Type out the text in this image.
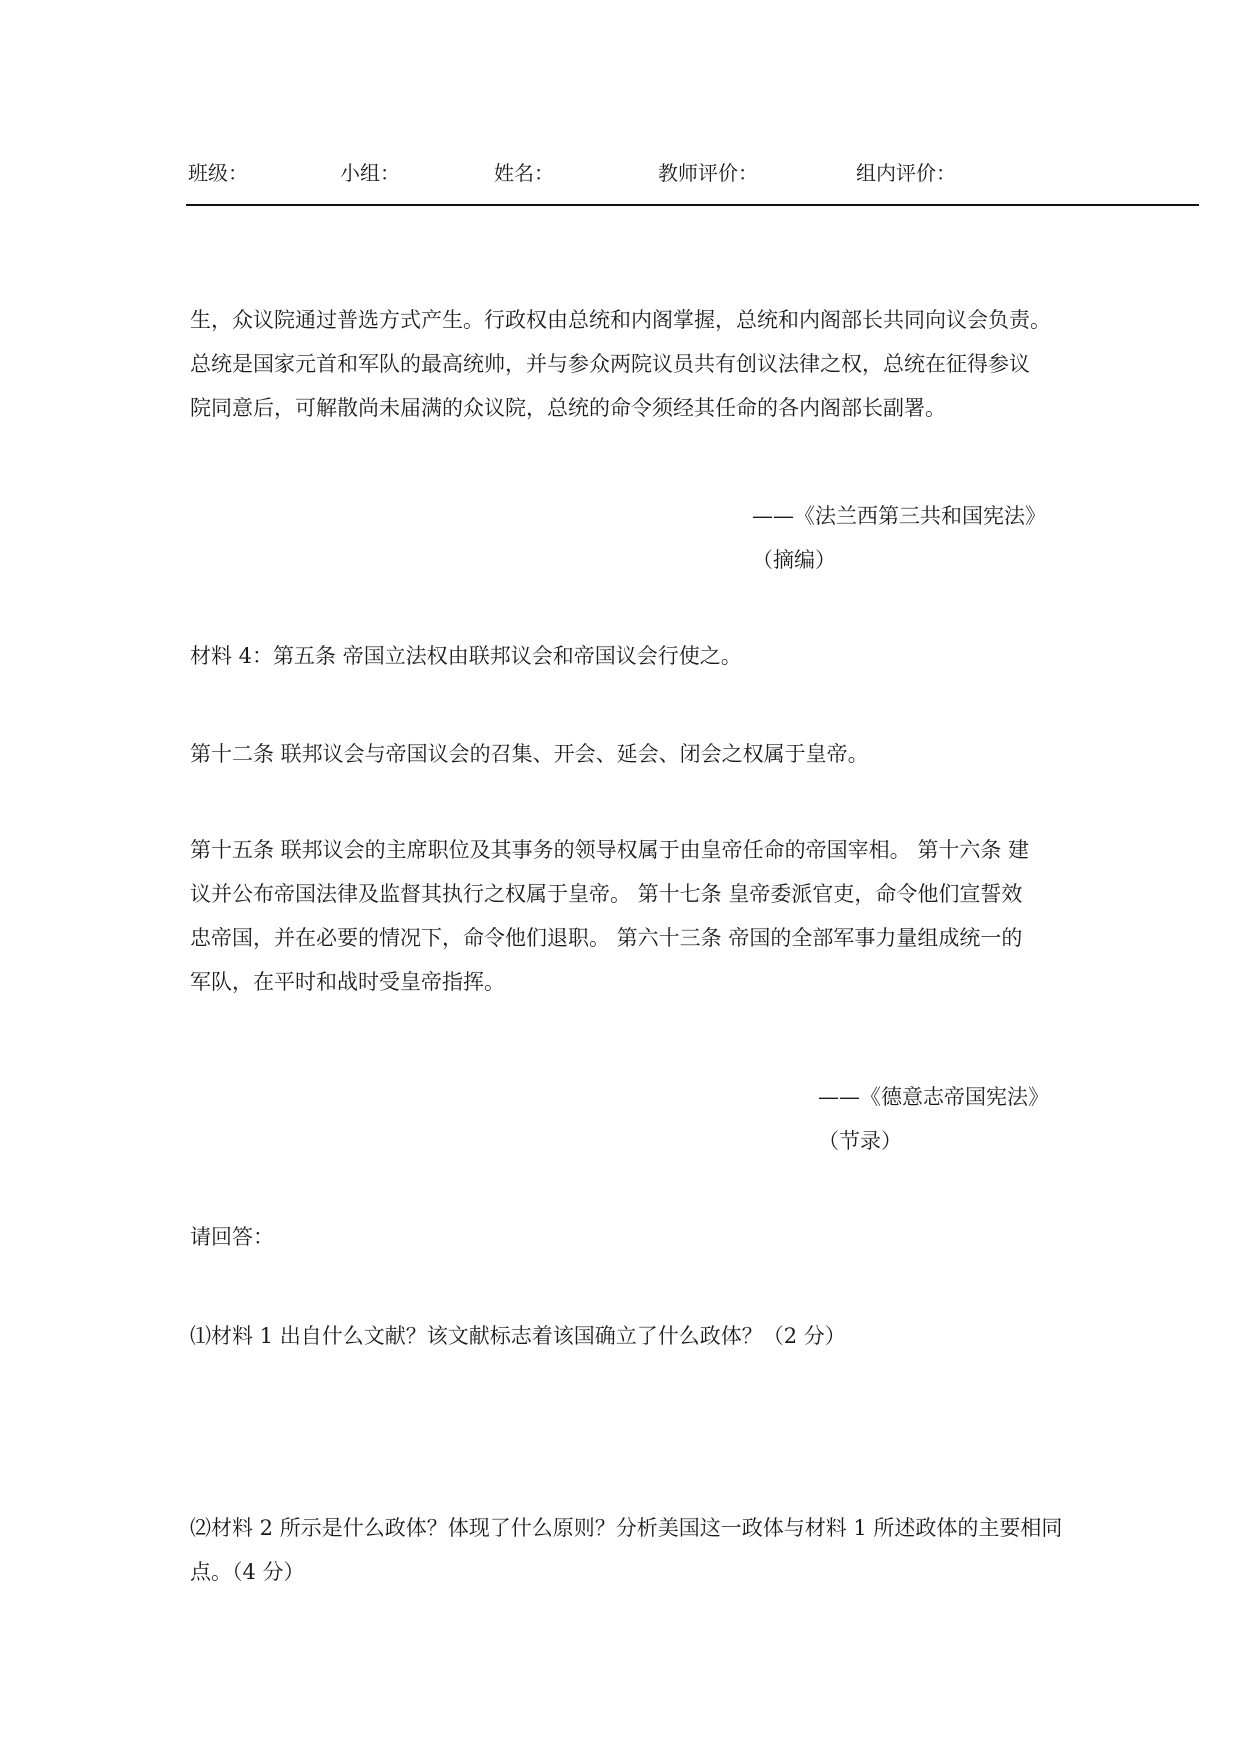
班级：	小组：	姓名：	教师评价：	组内评价：
生，众议院通过普选方式产生。行政权由总统和内阁掌握，总统和内阁部长共同向议会负责。
总统是国家元首和军队的最高统帅，并与参众两院议员共有创议法律之权，总统在征得参议
院同意后，可解散尚未届满的众议院，总统的命令须经其任命的各内阁部长副署。
——《法兰西第三共和国宪法》
（摘编）
材料 4：第五条 帝国立法权由联邦议会和帝国议会行使之。
第十二条 联邦议会与帝国议会的召集、开会、延会、闭会之权属于皇帝。
第十五条 联邦议会的主席职位及其事务的领导权属于由皇帝任命的帝国宰相。 第十六条 建
议并公布帝国法律及监督其执行之权属于皇帝。 第十七条 皇帝委派官吏，命令他们宣誓效
忠帝国，并在必要的情况下，命令他们退职。 第六十三条 帝国的全部军事力量组成统一的
军队，在平时和战时受皇帝指挥。
——《德意志帝国宪法》
（节录）
请回答：
⑴材料 1 出自什么文献？该文献标志着该国确立了什么政体？（2 分）
⑵材料 2 所示是什么政体？体现了什么原则？分析美国这一政体与材料 1 所述政体的主要相同
点。（4 分）
